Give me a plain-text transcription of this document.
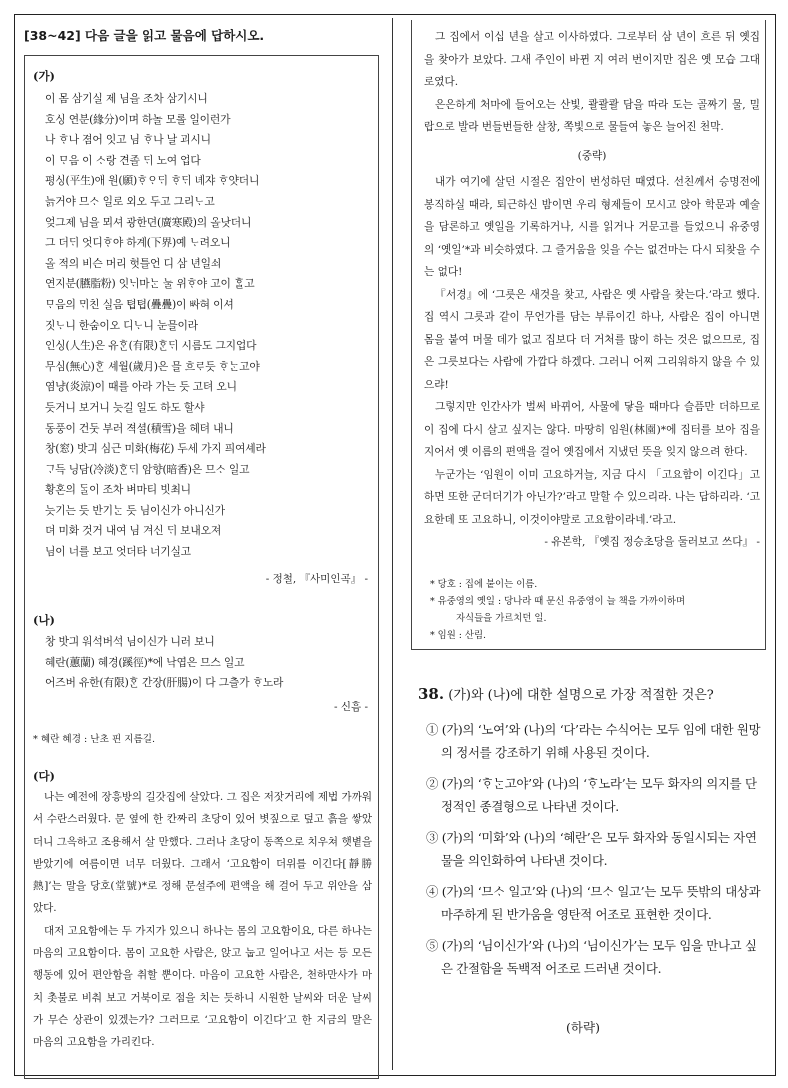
[38~42] 다음 글을 읽고 물음에 답하시오.
(가)
이 몸 삼기실 제 님을 조차 삼기시니
호싱 연분(緣分)이며 하놀 모롤 일이런가
나 ᄒᆞ나 졈어 잇고 님 ᄒᆞ나 날 괴시니
이 ᄆᆞ음 이 ᄉᆞ랑 견졸 ᄃᆡ 노여 업다
평싱(平生)애 원(願)ᄒᆞᄋᆞᄃᆡ ᄒᆞᄃᆡ 녜쟈 ᄒᆞ얏더니
늙거야 므ᄉᆞ 일로 외오 두고 그리ᄂᆞ고
엊그제 님을 뫼셔 광한뎐(廣寒殿)의 올낫더니
그 더ᄃᆡ 엇디ᄒᆞ야 하계(下界)예 ᄂᆞ려오니
올 적의 비슨 머리 헛틀언 디 삼 년일쇠
연지분(臙脂粉) 잇ᄂᆡ마ᄂᆞᆫ 눌 위ᄒᆞ야 고이 ᄒᆞᆯ고
ᄆᆞ음의 ᄆᆡ친 실음 텹텹(疊疊)이 ᄡᅡ혀 이셔
짓ᄂᆞ니 한숨이오 디ᄂᆞ니 눈믈이라
인싱(人生)은 유ᄒᆞᆫ(有限)ᄒᆞᆫᄃᆡ 시름도 그지업다
무심(無心)ᄒᆞᆫ 셰월(歲月)은 믈 흐ᄅᆞ듯 ᄒᆞᄂᆞᆫ고야
염냥(炎涼)이 때를 아라 가는 듯 고텨 오니
듯거니 보거니 늣길 일도 하도 할샤
동풍이 건둣 부러 젹셜(積雪)을 헤텨 내니
창(窓) 밧긔 심근 미화(梅花) 두세 가지 픠여셰라
ᄀᆞ득 닝담(冷淡)ᄒᆞᆫᄃᆡ 암향(暗香)은 므ᄉᆞ 일고
황혼의 ᄃᆞᆯ이 조차 벼마티 빗최니
늣기는 듯 반기ᄂᆞᆫ 듯 님이신가 아니신가
뎌 미화 것거 내여 님 겨신 ᄃᆡ 보내오져
님이 너를 보고 엇더타 너기실고
- 정철, 『사미인곡』 -
(나)
창 밧긔 워석버석 님이신가 니러 보니
혜란(蕙蘭) 혜경(蹊徑)*에 낙엽은 므스 일고
어즈버 유한(有限)ᄒᆞᆫ 간장(肝腸)이 다 그츨가 ᄒᆞ노라
- 신흠 -
* 혜란 혜경 : 난초 핀 지름길.
(다)

나는 예전에 장흥방의 길갓집에 살았다. 그 집은 저잣거리에 제법 가까워서 수란스러웠다. 문 옆에 한 칸짜리 초당이 있어 볏짚으로 덮고 흙을 쌓았더니 그윽하고 조용해서 살 만했다. 그러나 초당이 동쪽으로 치우쳐 햇볕을 받았기에 여름이면 너무 더웠다. 그래서 ‘고요함이 더위를 이긴다[靜勝熱]’는 말을 당호(堂號)*로 정해 문설주에 편액을 해 걸어 두고 위안을 삼았다.

대저 고요함에는 두 가지가 있으니 하나는 몸의 고요함이요, 다른 하나는 마음의 고요함이다. 몸이 고요한 사람은, 앉고 눕고 일어나고 서는 등 모든 행동에 있어 편안함을 취할 뿐이다. 마음이 고요한 사람은, 천하만사가 마치 촛불로 비춰 보고 거북이로 점을 치는 듯하니 시원한 날씨와 더운 날씨가 무슨 상관이 있겠는가? 그러므로 ‘고요함이 이긴다’고 한 지금의 말은 마음의 고요함을 가리킨다.

그 집에서 이십 년을 살고 이사하였다. 그로부터 삼 년이 흐른 뒤 옛집을 찾아가 보았다. 그새 주인이 바뀐 지 여러 번이지만 집은 옛 모습 그대로였다.

은은하게 처마에 들어오는 산빛, 콸콸콸 담을 따라 도는 골짜기 물, 밀랍으로 발라 번들번들한 살창, 쪽빛으로 물들여 놓은 늘어진 천막.

(중략)

내가 여기에 살던 시절은 집안이 번성하던 때였다. 선친께서 승명전에 봉직하실 때라, 퇴근하신 밤이면 우리 형제들이 모시고 앉아 학문과 예술을 담론하고 옛일을 기록하거나, 시를 읽거나 거문고를 들었으니 유중영의 ‘옛일’*과 비슷하였다. 그 즐거움을 잊을 수는 없건마는 다시 되찾을 수는 없다!

『서경』에 ‘그릇은 새것을 찾고, 사람은 옛 사람을 찾는다.’라고 했다. 집 역시 그릇과 같이 무언가를 담는 부류이긴 하나, 사람은 집이 아니면 몸을 붙여 머물 데가 없고 집보다 더 거처를 많이 하는 것은 없으므로, 집은 그릇보다는 사람에 가깝다 하겠다. 그러니 어찌 그리워하지 않을 수 있으랴!

그렇지만 인간사가 벌써 바뀌어, 사물에 닿을 때마다 슬픔만 더하므로 이 집에 다시 살고 싶지는 않다. 마땅히 임원(林園)*에 집터를 보아 집을 지어서 옛 이름의 편액을 걸어 옛집에서 지냈던 뜻을 잊지 않으려 한다.

누군가는 ‘임원이 이미 고요하거늘, 지금 다시 「고요함이 이긴다」고 하면 또한 군더더기가 아닌가?’라고 말할 수 있으리라. 나는 답하리라. ‘고요한데 또 고요하니, 이것이야말로 고요함이라네.’라고.

- 유본학, 『옛집 정승초당을 둘러보고 쓰다』 -

* 당호 : 집에 붙이는 이름.
* 유중영의 옛일 : 당나라 때 문신 유중영이 늘 책을 가까이하며
자식들을 가르치던 일.
* 임원 : 산림.
38. (가)와 (나)에 대한 설명으로 가장 적절한 것은?
① (가)의 ‘노여’와 (나)의 ‘다’라는 수식어는 모두 임에 대한 원망의 정서를 강조하기 위해 사용된 것이다.
② (가)의 ‘ᄒᆞᄂᆞᆫ고야’와 (나)의 ‘ᄒᆞ노라’는 모두 화자의 의지를 단정적인 종결형으로 나타낸 것이다.
③ (가)의 ‘미화’와 (나)의 ‘혜란’은 모두 화자와 동일시되는 자연물을 의인화하여 나타낸 것이다.
④ (가)의 ‘므ᄉᆞ 일고’와 (나)의 ‘므ᄉᆞ 일고’는 모두 뜻밖의 대상과 마주하게 된 반가움을 영탄적 어조로 표현한 것이다.
⑤ (가)의 ‘님이신가’와 (나)의 ‘님이신가’는 모두 임을 만나고 싶은 간절함을 독백적 어조로 드러낸 것이다.
(하략)
